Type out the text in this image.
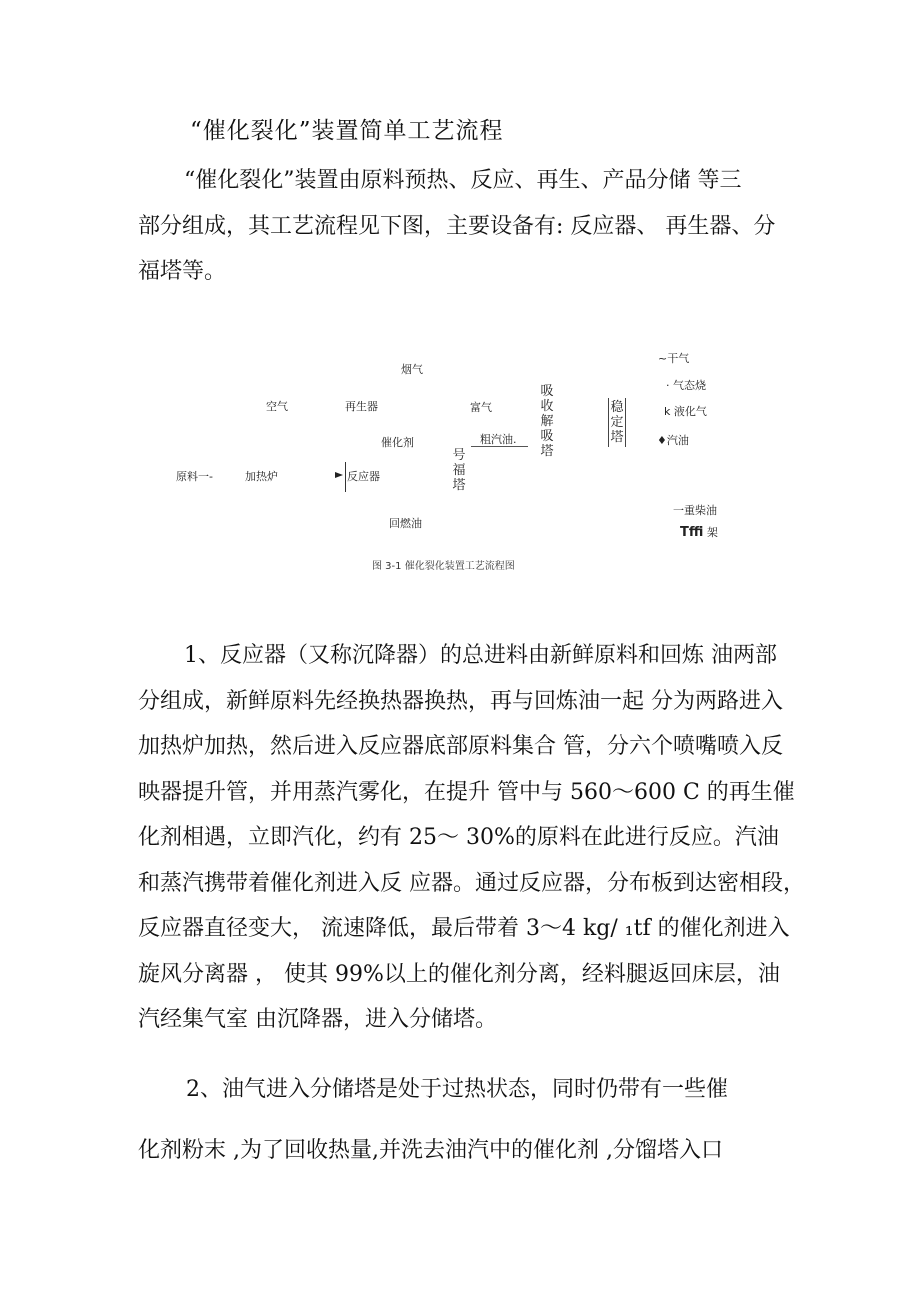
“催化裂化”装置简单工艺流程

“催化裂化”装置由原料预热、反应、再生、产品分储 等三
部分组成，其工艺流程见下图，主要设备有: 反应器、 再生器、分
福塔等。

烟气
空气	再生器	富气
催化剂	粗汽油.
原料一-	加热炉	反应器
回燃油
号福塔
吸收解吸塔
稳定塔
~干气
· 气态烧
k 液化气
♦汽油
一重柴油
Tffi 架
图 3-1 催化裂化装置工艺流程图

1、反应器（又称沉降器）的总进料由新鲜原料和回炼 油两部
分组成，新鲜原料先经换热器换热，再与回炼油一起 分为两路进入
加热炉加热，然后进入反应器底部原料集合 管，分六个喷嘴喷入反
映器提升管，并用蒸汽雾化，在提升 管中与 560～600 C 的再生催
化剂相遇，立即汽化，约有 25～ 30%的原料在此进行反应。汽油
和蒸汽携带着催化剂进入反 应器。通过反应器，分布板到达密相段，
反应器直径变大， 流速降低，最后带着 3～4 kg/ ₁tf 的催化剂进入
旋风分离器 ， 使其 99%以上的催化剂分离，经料腿返回床层，油
汽经集气室 由沉降器，进入分储塔。

2、油气进入分储塔是处于过热状态，同时仍带有一些催

化剂粉末 ,为了回收热量,并洗去油汽中的催化剂 ,分馏塔入口
